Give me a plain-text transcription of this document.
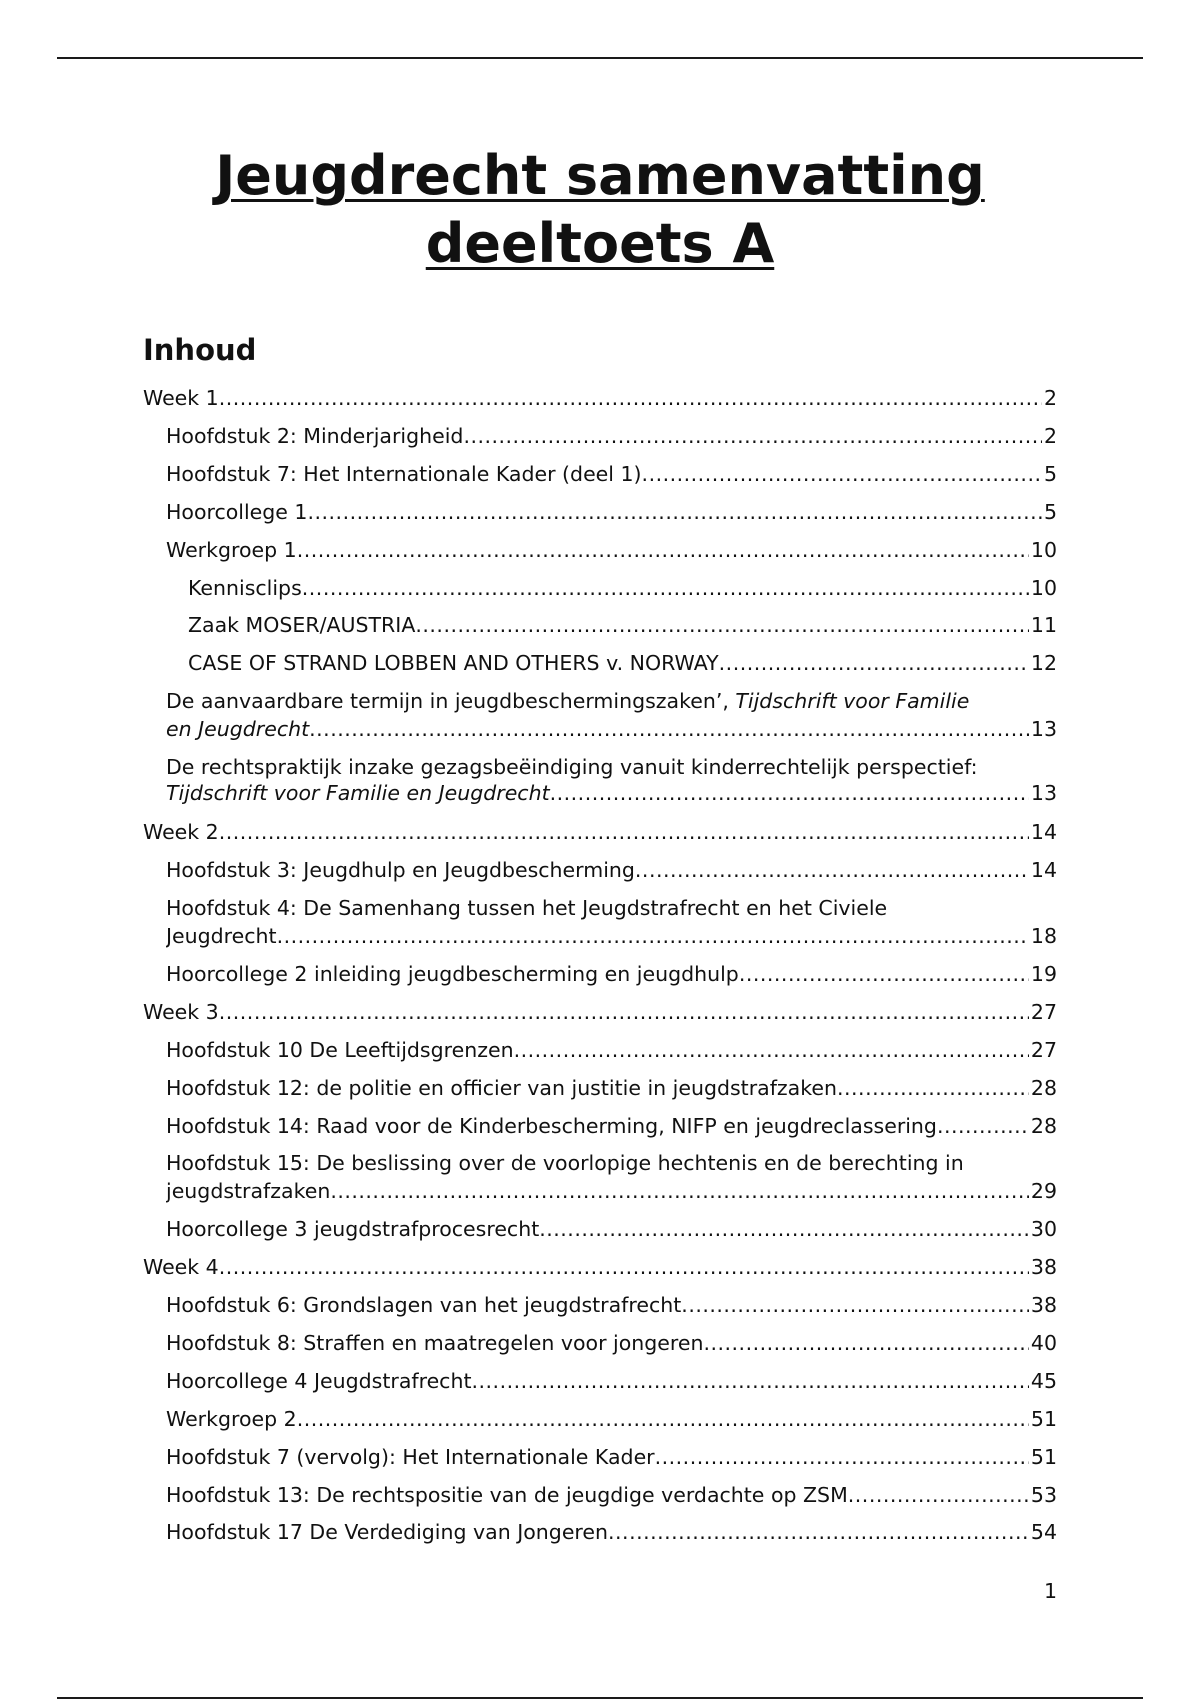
Jeugdrecht samenvatting
deeltoets A
Inhoud
Week 1 .....	2
Hoofdstuk 2: Minderjarigheid .....	2
Hoofdstuk 7: Het Internationale Kader (deel 1) .....	5
Hoorcollege 1 .....	5
Werkgroep 1 .....	10
Kennisclips .....	10
Zaak MOSER/AUSTRIA .....	11
CASE OF STRAND LOBBEN AND OTHERS v. NORWAY .....	12
De aanvaardbare termijn in jeugdbeschermingszaken’, Tijdschrift voor Familie
en Jeugdrecht .....	13
De rechtspraktijk inzake gezagsbeëindiging vanuit kinderrechtelijk perspectief:
Tijdschrift voor Familie en Jeugdrecht .....	13
Week 2 .....	14
Hoofdstuk 3: Jeugdhulp en Jeugdbescherming .....	14
Hoofdstuk 4: De Samenhang tussen het Jeugdstrafrecht en het Civiele
Jeugdrecht .....	18
Hoorcollege 2 inleiding jeugdbescherming en jeugdhulp .....	19
Week 3 .....	27
Hoofdstuk 10 De Leeftijdsgrenzen .....	27
Hoofdstuk 12: de politie en officier van justitie in jeugdstrafzaken .....	28
Hoofdstuk 14: Raad voor de Kinderbescherming, NIFP en jeugdreclassering .....	28
Hoofdstuk 15: De beslissing over de voorlopige hechtenis en de berechting in
jeugdstrafzaken .....	29
Hoorcollege 3 jeugdstrafprocesrecht .....	30
Week 4 .....	38
Hoofdstuk 6: Grondslagen van het jeugdstrafrecht .....	38
Hoofdstuk 8: Straffen en maatregelen voor jongeren .....	40
Hoorcollege 4 Jeugdstrafrecht .....	45
Werkgroep 2 .....	51
Hoofdstuk 7 (vervolg): Het Internationale Kader .....	51
Hoofdstuk 13: De rechtspositie van de jeugdige verdachte op ZSM .....	53
Hoofdstuk 17 De Verdediging van Jongeren .....	54
1
